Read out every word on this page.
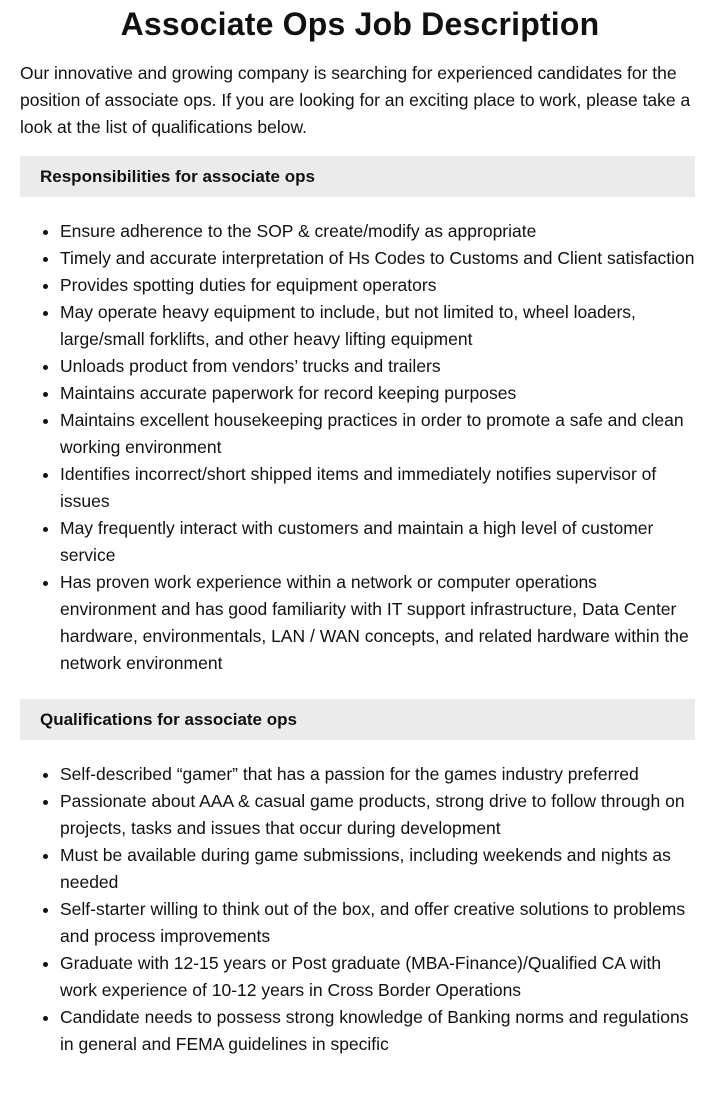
Associate Ops Job Description

Our innovative and growing company is searching for experienced candidates for the position of associate ops. If you are looking for an exciting place to work, please take a look at the list of qualifications below.

Responsibilities for associate ops
• Ensure adherence to the SOP & create/modify as appropriate
• Timely and accurate interpretation of Hs Codes to Customs and Client satisfaction
• Provides spotting duties for equipment operators
• May operate heavy equipment to include, but not limited to, wheel loaders, large/small forklifts, and other heavy lifting equipment
• Unloads product from vendors’ trucks and trailers
• Maintains accurate paperwork for record keeping purposes
• Maintains excellent housekeeping practices in order to promote a safe and clean working environment
• Identifies incorrect/short shipped items and immediately notifies supervisor of issues
• May frequently interact with customers and maintain a high level of customer service
• Has proven work experience within a network or computer operations environment and has good familiarity with IT support infrastructure, Data Center hardware, environmentals, LAN / WAN concepts, and related hardware within the network environment
Qualifications for associate ops
• Self-described “gamer” that has a passion for the games industry preferred
• Passionate about AAA & casual game products, strong drive to follow through on projects, tasks and issues that occur during development
• Must be available during game submissions, including weekends and nights as needed
• Self-starter willing to think out of the box, and offer creative solutions to problems and process improvements
• Graduate with 12-15 years or Post graduate (MBA-Finance)/Qualified CA with work experience of 10-12 years in Cross Border Operations
• Candidate needs to possess strong knowledge of Banking norms and regulations in general and FEMA guidelines in specific
